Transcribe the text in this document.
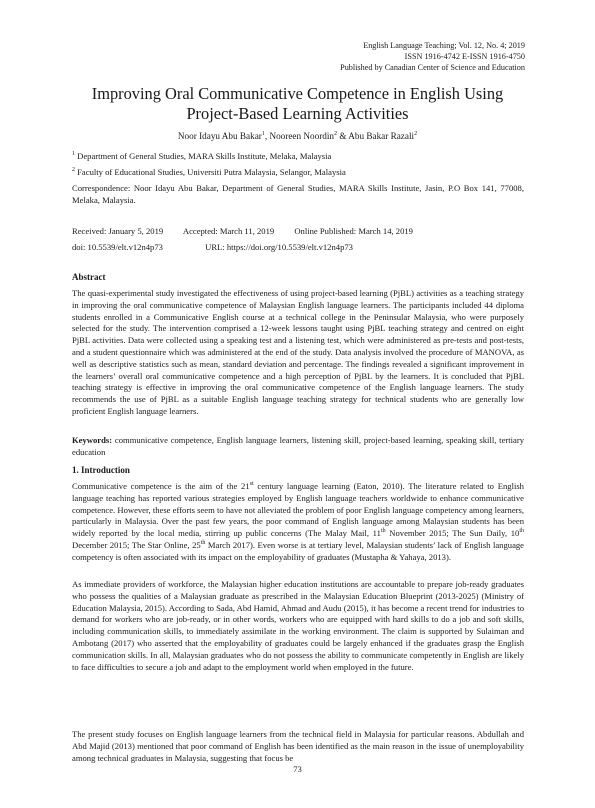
English Language Teaching; Vol. 12, No. 4; 2019
ISSN 1916-4742 E-ISSN 1916-4750
Published by Canadian Center of Science and Education
Improving Oral Communicative Competence in English Using
Project-Based Learning Activities
Noor Idayu Abu Bakar$^1$, Nooreen Noordin$^2$ & Abu Bakar Razali$^2$
$^1$ Department of General Studies, MARA Skills Institute, Melaka, Malaysia
$^2$ Faculty of Educational Studies, Universiti Putra Malaysia, Selangor, Malaysia
Correspondence: Noor Idayu Abu Bakar, Department of General Studies, MARA Skills Institute, Jasin, P.O Box 141, 77008, Melaka, Malaysia.
Received: January 5, 2019 Accepted: March 11, 2019 Online Published: March 14, 2019
doi: 10.5539/elt.v12n4p73	URL: https://doi.org/10.5539/elt.v12n4p73
Abstract
The quasi-experimental study investigated the effectiveness of using project-based learning (PjBL) activities as a teaching strategy in improving the oral communicative competence of Malaysian English language learners. The participants included 44 diploma students enrolled in a Communicative English course at a technical college in the Peninsular Malaysia, who were purposely selected for the study. The intervention comprised a 12-week lessons taught using PjBL teaching strategy and centred on eight PjBL activities. Data were collected using a speaking test and a listening test, which were administered as pre-tests and post-tests, and a student questionnaire which was administered at the end of the study. Data analysis involved the procedure of MANOVA, as well as descriptive statistics such as mean, standard deviation and percentage. The findings revealed a significant improvement in the learners’ overall oral communicative competence and a high perception of PjBL by the learners. It is concluded that PjBL teaching strategy is effective in improving the oral communicative competence of the English language learners. The study recommends the use of PjBL as a suitable English language teaching strategy for technical students who are generally low proficient English language learners.
Keywords: communicative competence, English language learners, listening skill, project-based learning, speaking skill, tertiary education
1. Introduction
Communicative competence is the aim of the 21st century language learning (Eaton, 2010). The literature related to English language teaching has reported various strategies employed by English language teachers worldwide to enhance communicative competence. However, these efforts seem to have not alleviated the problem of poor English language competency among learners, particularly in Malaysia. Over the past few years, the poor command of English language among Malaysian students has been widely reported by the local media, stirring up public concerns (The Malay Mail, 11th November 2015; The Sun Daily, 10th December 2015; The Star Online, 25th March 2017). Even worse is at tertiary level, Malaysian students’ lack of English language competency is often associated with its impact on the employability of graduates (Mustapha & Yahaya, 2013).
As immediate providers of workforce, the Malaysian higher education institutions are accountable to prepare job-ready graduates who possess the qualities of a Malaysian graduate as prescribed in the Malaysian Education Blueprint (2013-2025) (Ministry of Education Malaysia, 2015). According to Sada, Abd Hamid, Ahmad and Audu (2015), it has become a recent trend for industries to demand for workers who are job-ready, or in other words, workers who are equipped with hard skills to do a job and soft skills, including communication skills, to immediately assimilate in the working environment. The claim is supported by Sulaiman and Ambotang (2017) who asserted that the employability of graduates could be largely enhanced if the graduates grasp the English communication skills. In all, Malaysian graduates who do not possess the ability to communicate competently in English are likely to face difficulties to secure a job and adapt to the employment world when employed in the future.
The present study focuses on English language learners from the technical field in Malaysia for particular reasons. Abdullah and Abd Majid (2013) mentioned that poor command of English has been identified as the main reason in the issue of unemployability among technical graduates in Malaysia, suggesting that focus be
73
